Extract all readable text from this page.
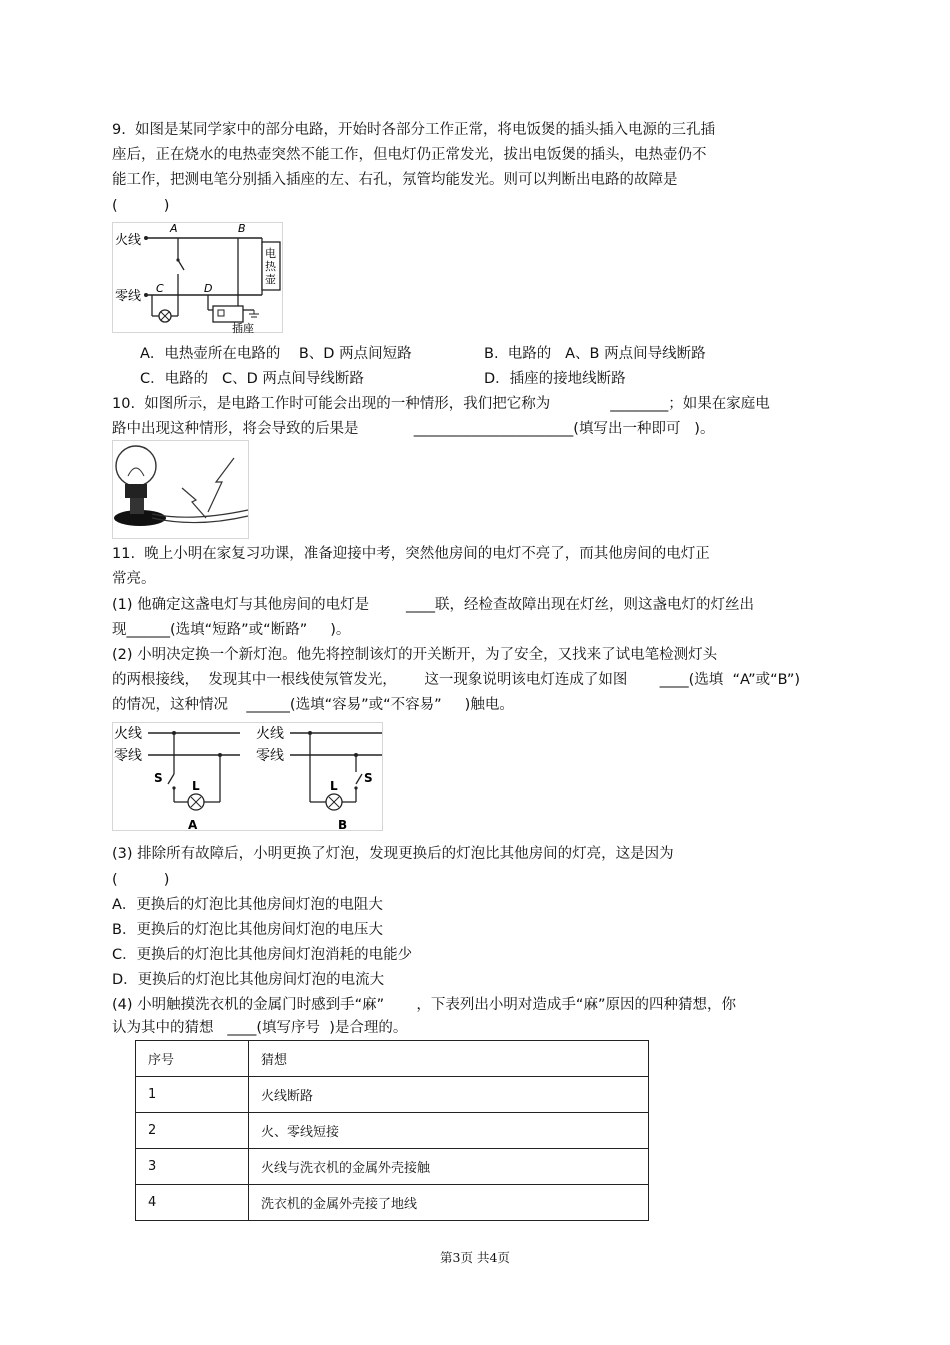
9.  如图是某同学家中的部分电路，开始时各部分工作正常，将电饭煲的插头插入电源的三孔插
座后，正在烧水的电热壶突然不能工作，但电灯仍正常发光，拔出电饭煲的插头，电热壶仍不
能工作，把测电笔分别插入插座的左、右孔，氖管均能发光。则可以判断出电路的故障是
(          )
火线
零线
A	B
C	D
插座
电热壶
A．电热壶所在电路的    B、D 两点间短路	B.  电路的   A、B 两点间导线断路
C．电路的   C、D 两点间导线断路	D．插座的接地线断路
10.  如图所示，是电路工作时可能会出现的一种情形，我们把它称为             ________；如果在家庭电
路中出现这种情形，将会导致的后果是            ______________________(填写出一种即可   )。
11.  晚上小明在家复习功课，准备迎接中考，突然他房间的电灯不亮了，而其他房间的电灯正
常亮。
(1) 他确定这盏电灯与其他房间的电灯是        ____联，经检查故障出现在灯丝，则这盏电灯的灯丝出
现______(选填“短路”或“断路”     )。
(2) 小明决定换一个新灯泡。他先将控制该灯的开关断开，为了安全，又找来了试电笔检测灯头
的两根接线，  发现其中一根线使氖管发光，      这一现象说明该电灯连成了如图       ____(选填  “A”或“B”)
的情况，这种情况    ______(选填“容易”或“不容易”     )触电。
火线
零线
S
L
A
火线
零线
S
L
B
(3) 排除所有故障后，小明更换了灯泡，发现更换后的灯泡比其他房间的灯亮，这是因为
(          )
A．更换后的灯泡比其他房间灯泡的电阻大
B．更换后的灯泡比其他房间灯泡的电压大
C．更换后的灯泡比其他房间灯泡消耗的电能少
D．更换后的灯泡比其他房间灯泡的电流大
(4) 小明触摸洗衣机的金属门时感到手“麻”       ，下表列出小明对造成手“麻”原因的四种猜想，你
认为其中的猜想   ____(填写序号  )是合理的。
序号	猜想
1	火线断路
2	火、零线短接
3	火线与洗衣机的金属外壳接触
4	洗衣机的金属外壳接了地线
第3页 共4页
